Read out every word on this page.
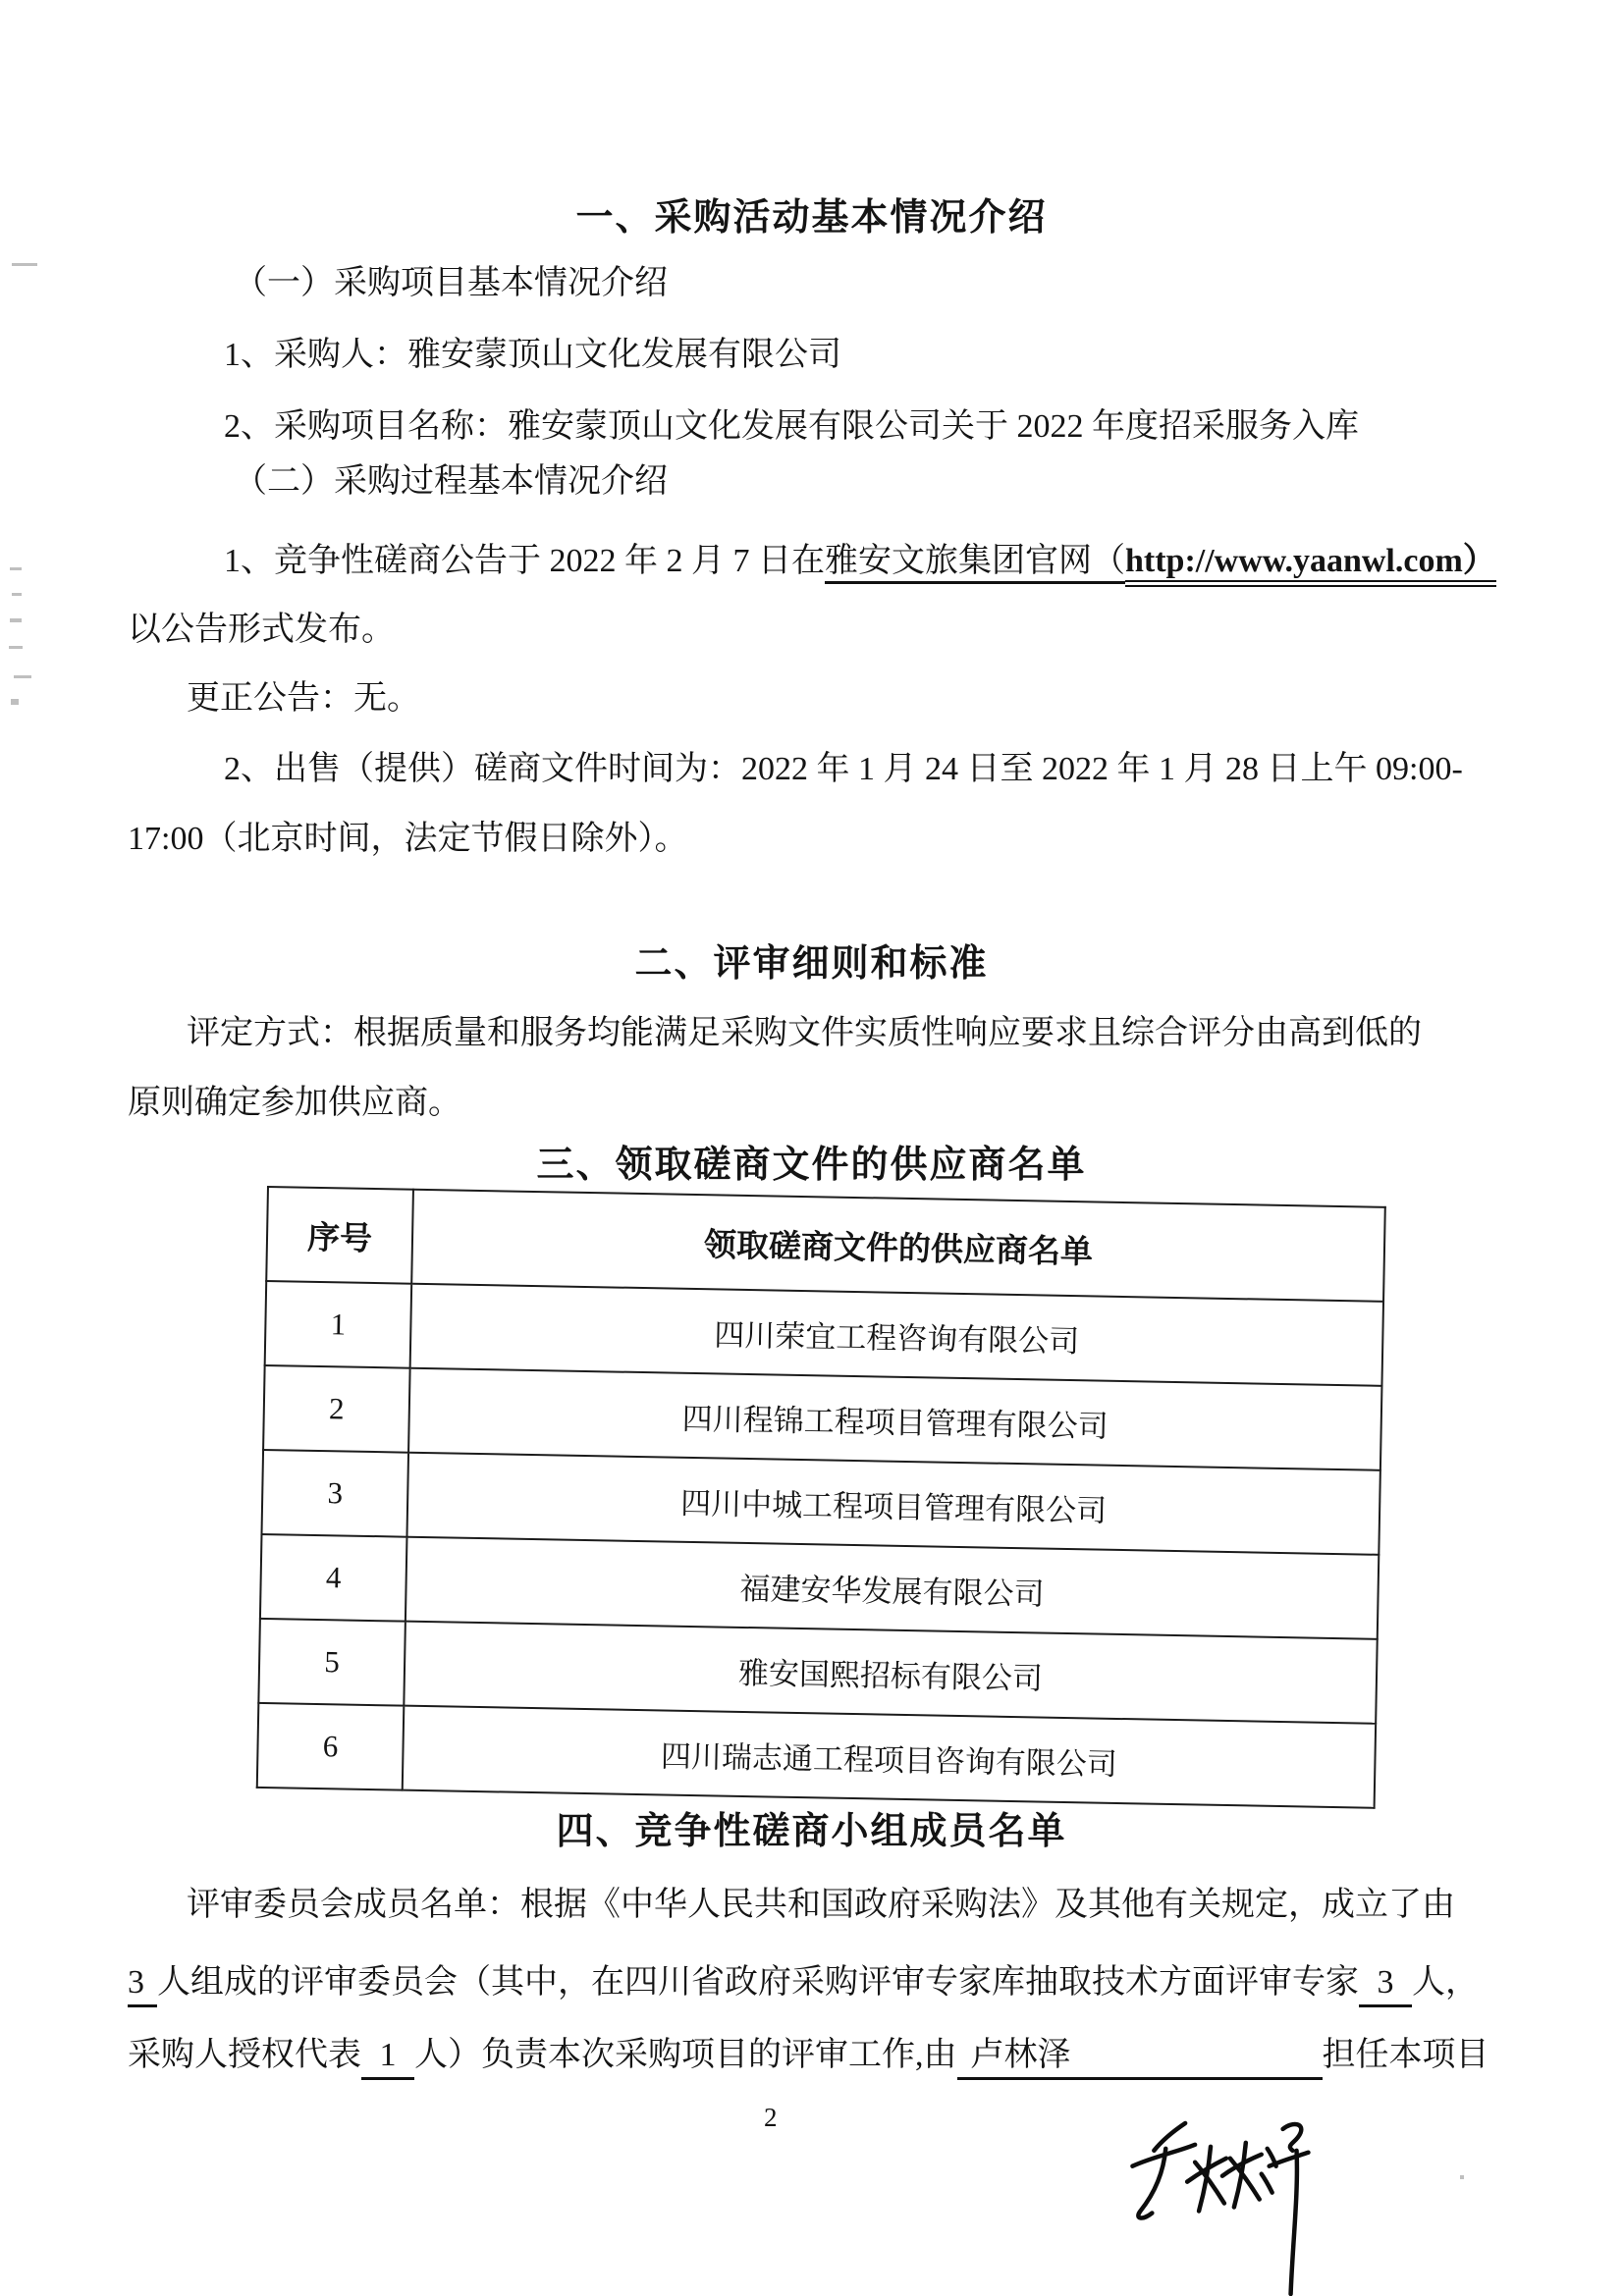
一、采购活动基本情况介绍
（一）采购项目基本情况介绍
1、采购人：雅安蒙顶山文化发展有限公司
2、采购项目名称：雅安蒙顶山文化发展有限公司关于 2022 年度招采服务入库
（二）采购过程基本情况介绍
1、竞争性磋商公告于 2022 年 2 月 7 日在雅安文旅集团官网（http://www.yaanwl.com）
以公告形式发布。
更正公告：无。
2、出售（提供）磋商文件时间为：2022 年 1 月 24 日至 2022 年 1 月 28 日上午 09:00-
17:00（北京时间，法定节假日除外）。
二、评审细则和标准
评定方式：根据质量和服务均能满足采购文件实质性响应要求且综合评分由高到低的
原则确定参加供应商。
三、领取磋商文件的供应商名单
序号	领取磋商文件的供应商名单
1	四川荣宜工程咨询有限公司
2	四川程锦工程项目管理有限公司
3	四川中城工程项目管理有限公司
4	福建安华发展有限公司
5	雅安国熙招标有限公司
6	四川瑞志通工程项目咨询有限公司
四、竞争性磋商小组成员名单
评审委员会成员名单：根据《中华人民共和国政府采购法》及其他有关规定，成立了由
3 人组成的评审委员会（其中，在四川省政府采购评审专家库抽取技术方面评审专家 3 人，
采购人授权代表 1 人）负责本次采购项目的评审工作,由 卢林泽	担任本项目
2
